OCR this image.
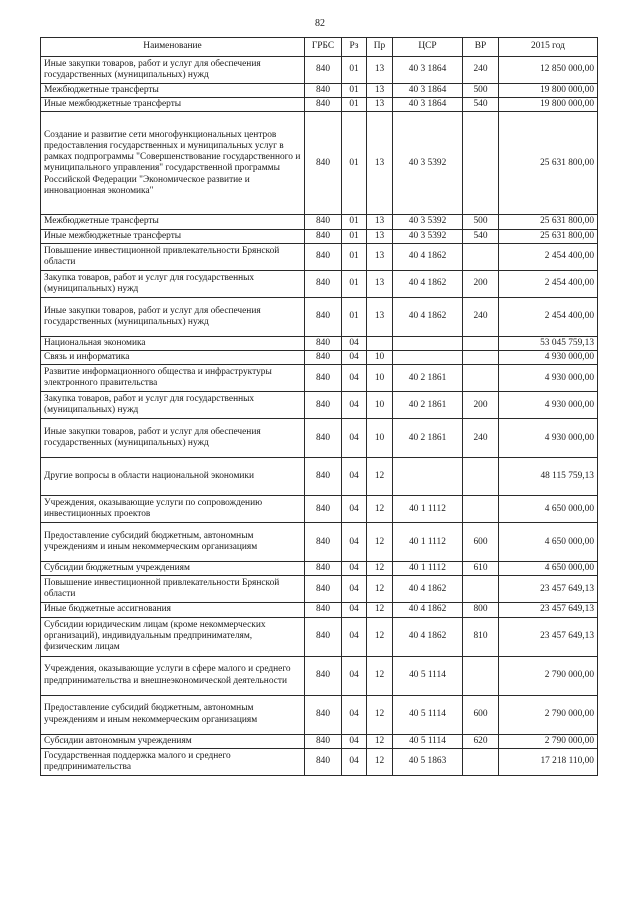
82
Наименование	ГРБС	Рз	Пр	ЦСР	ВР	2015 год
Иные закупки товаров, работ и услуг для обеспечения государственных (муниципальных) нужд	840	01	13	40 3 1864	240	12 850 000,00
Межбюджетные трансферты	840	01	13	40 3 1864	500	19 800 000,00
Иные межбюджетные трансферты	840	01	13	40 3 1864	540	19 800 000,00
Создание и развитие сети многофункциональных центров предоставления государственных и муниципальных услуг в рамках подпрограммы "Совершенствование государственного и муниципального управления" государственной программы Российской Федерации "Экономическое развитие и инновационная экономика"	840	01	13	40 3 5392		25 631 800,00
Межбюджетные трансферты	840	01	13	40 3 5392	500	25 631 800,00
Иные межбюджетные трансферты	840	01	13	40 3 5392	540	25 631 800,00
Повышение инвестиционной привлекательности Брянской области	840	01	13	40 4 1862		2 454 400,00
Закупка товаров, работ и услуг для государственных (муниципальных) нужд	840	01	13	40 4 1862	200	2 454 400,00
Иные закупки товаров, работ и услуг для обеспечения государственных (муниципальных) нужд	840	01	13	40 4 1862	240	2 454 400,00
Национальная экономика	840	04				53 045 759,13
Связь и информатика	840	04	10			4 930 000,00
Развитие информационного общества и инфраструктуры электронного правительства	840	04	10	40 2 1861		4 930 000,00
Закупка товаров, работ и услуг для государственных (муниципальных) нужд	840	04	10	40 2 1861	200	4 930 000,00
Иные закупки товаров, работ и услуг для обеспечения государственных (муниципальных) нужд	840	04	10	40 2 1861	240	4 930 000,00
Другие вопросы в области национальной экономики	840	04	12			48 115 759,13
Учреждения, оказывающие услуги по сопровождению инвестиционных проектов	840	04	12	40 1 1112		4 650 000,00
Предоставление субсидий бюджетным, автономным учреждениям и иным некоммерческим организациям	840	04	12	40 1 1112	600	4 650 000,00
Субсидии бюджетным учреждениям	840	04	12	40 1 1112	610	4 650 000,00
Повышение инвестиционной привлекательности Брянской области	840	04	12	40 4 1862		23 457 649,13
Иные бюджетные ассигнования	840	04	12	40 4 1862	800	23 457 649,13
Субсидии юридическим лицам (кроме некоммерческих организаций), индивидуальным предпринимателям, физическим лицам	840	04	12	40 4 1862	810	23 457 649,13
Учреждения, оказывающие услуги в сфере малого и среднего предпринимательства и внешнеэкономической деятельности	840	04	12	40 5 1114		2 790 000,00
Предоставление субсидий бюджетным, автономным учреждениям и иным некоммерческим организациям	840	04	12	40 5 1114	600	2 790 000,00
Субсидии автономным учреждениям	840	04	12	40 5 1114	620	2 790 000,00
Государственная поддержка малого и среднего предпринимательства	840	04	12	40 5 1863		17 218 110,00
